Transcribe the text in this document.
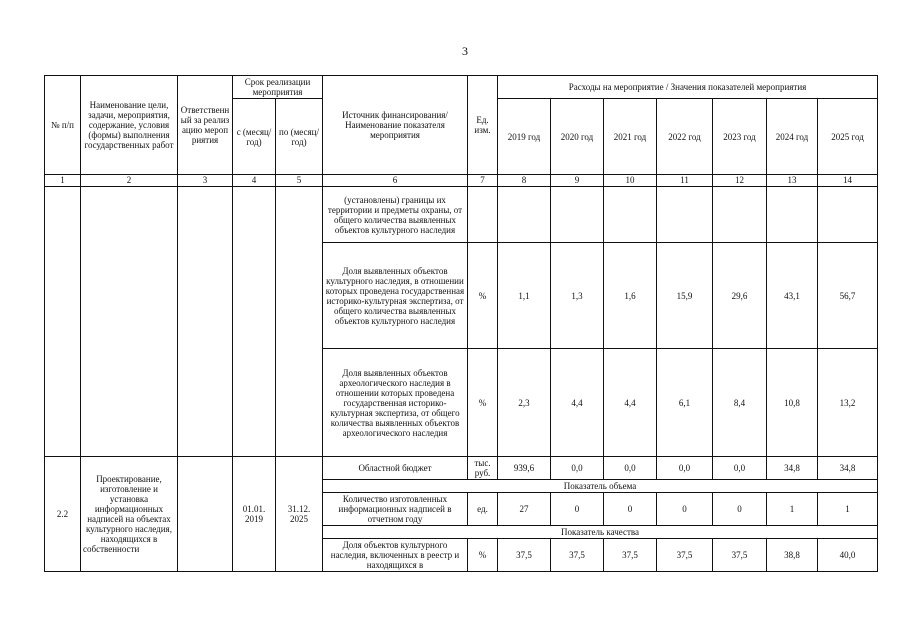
3
№ п/п	Наименование цели, задачи, мероприятия, содержание, условия (формы) выполнения государственных работ	Ответственный за реализацию мероприятия	Срок реализации мероприятия		Источник финансирования/ Наименование показателя мероприятия	Ед. изм.	Расходы на мероприятие / Значения показателей мероприятия						
			с (месяц/ год)	по (месяц/ год)			2019 год	2020 год	2021 год	2022 год	2023 год	2024 год	2025 год
1	2	3	4	5	6	7	8	9	10	11	12	13	14
					(установлены) границы их территории и предметы охраны, от общего количества выявленных объектов культурного наследия								
					Доля выявленных объектов культурного наследия, в отношении которых проведена государственная историко-культурная экспертиза, от общего количества выявленных объектов культурного наследия	%	1,1	1,3	1,6	15,9	29,6	43,1	56,7
					Доля выявленных объектов археологического наследия в отношении которых проведена государственная историко-культурная экспертиза, от общего количества выявленных объектов археологического наследия	%	2,3	4,4	4,4	6,1	8,4	10,8	13,2
2.2	Проектирование, изготовление и установка информационных надписей на объектах культурного наследия, находящихся в собственности		01.01. 2019	31.12. 2025	Областной бюджет	тыс. руб.	939,6	0,0	0,0	0,0	0,0	34,8	34,8
					Показатель объема								
					Количество изготовленных информационных надписей в отчетном году	ед.	27	0	0	0	0	1	1
					Показатель качества								
					Доля объектов культурного наследия, включенных в реестр и находящихся в	%	37,5	37,5	37,5	37,5	37,5	38,8	40,0
